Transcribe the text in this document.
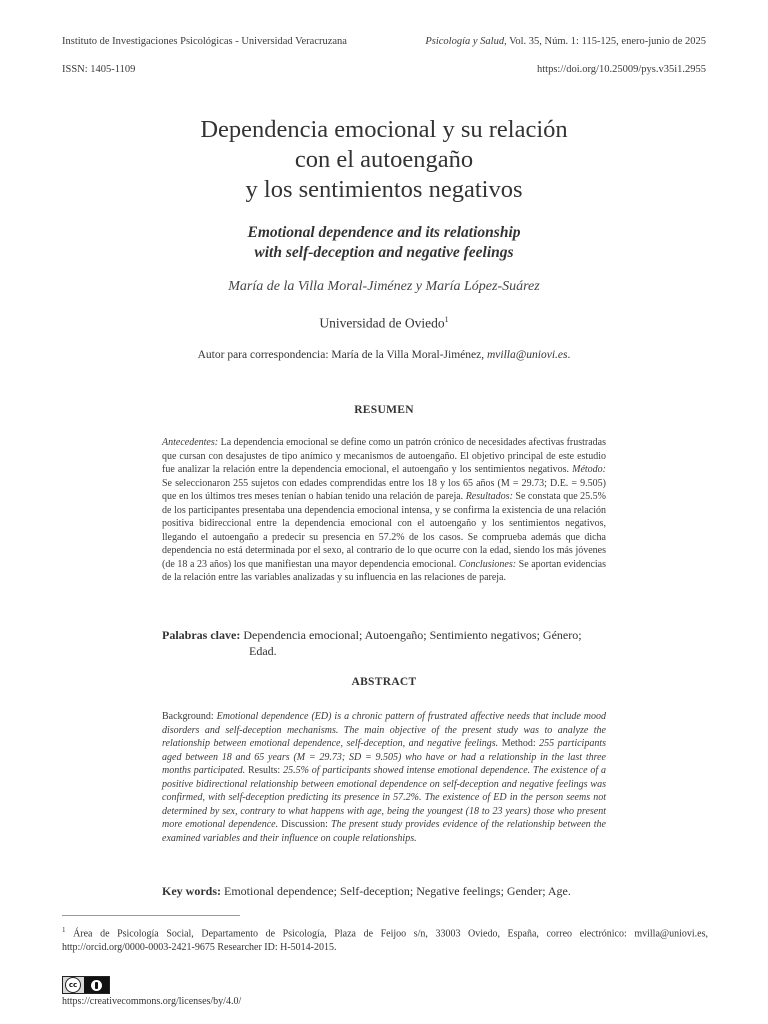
Instituto de Investigaciones Psicológicas - Universidad Veracruzana	Psicología y Salud, Vol. 35, Núm. 1: 115-125, enero-junio de 2025
ISSN: 1405-1109	https://doi.org/10.25009/pys.v35i1.2955
Dependencia emocional y su relación
con el autoengaño
y los sentimientos negativos
Emotional dependence and its relationship
with self-deception and negative feelings
María de la Villa Moral-Jiménez y María López-Suárez
Universidad de Oviedo$^1$
Autor para correspondencia: María de la Villa Moral-Jiménez, mvilla@uniovi.es.
RESUMEN
Antecedentes: La dependencia emocional se define como un patrón crónico de necesidades afectivas frustradas que cursan con desajustes de tipo anímico y mecanismos de autoengaño. El objetivo principal de este estudio fue analizar la relación entre la dependencia emocional, el autoengaño y los sentimientos negativos. Método: Se seleccionaron 255 sujetos con edades comprendidas entre los 18 y los 65 años (M = 29.73; D.E. = 9.505) que en los últimos tres meses tenían o habían tenido una relación de pareja. Resultados: Se constata que 25.5% de los participantes presentaba una dependencia emocional intensa, y se confirma la existencia de una relación positiva bidireccional entre la dependencia emocional con el autoengaño y los sentimientos negativos, llegando el autoengaño a predecir su presencia en 57.2% de los casos. Se comprueba además que dicha dependencia no está determinada por el sexo, al contrario de lo que ocurre con la edad, siendo los más jóvenes (de 18 a 23 años) los que manifiestan una mayor dependencia emocional. Conclusiones: Se aportan evidencias de la relación entre las variables analizadas y su influencia en las relaciones de pareja.
Palabras clave: Dependencia emocional; Autoengaño; Sentimiento negativos; Género;
Edad.
ABSTRACT
Background: Emotional dependence (ED) is a chronic pattern of frustrated affective needs that include mood disorders and self-deception mechanisms. The main objective of the present study was to analyze the relationship between emotional dependence, self-deception, and negative feelings. Method: 255 participants aged between 18 and 65 years (M = 29.73; SD = 9.505) who have or had a relationship in the last three months participated. Results: 25.5% of participants showed intense emotional dependence. The existence of a positive bidirectional relationship between emotional dependence on self-deception and negative feelings was confirmed, with self-deception predicting its presence in 57.2%. The existence of ED in the person seems not determined by sex, contrary to what happens with age, being the youngest (18 to 23 years) those who present more emotional dependence. Discussion: The present study provides evidence of the relationship between the examined variables and their influence on couple relationships.
Key words: Emotional dependence; Self-deception; Negative feelings; Gender; Age.
$^1$ Área de Psicología Social, Departamento de Psicología, Plaza de Feijoo s/n, 33003 Oviedo, España, correo electrónico: mvilla@uniovi.es, http://orcid.org/0000-0003-2421-9675 Researcher ID: H-5014-2015.
cc
https://creativecommons.org/licenses/by/4.0/
